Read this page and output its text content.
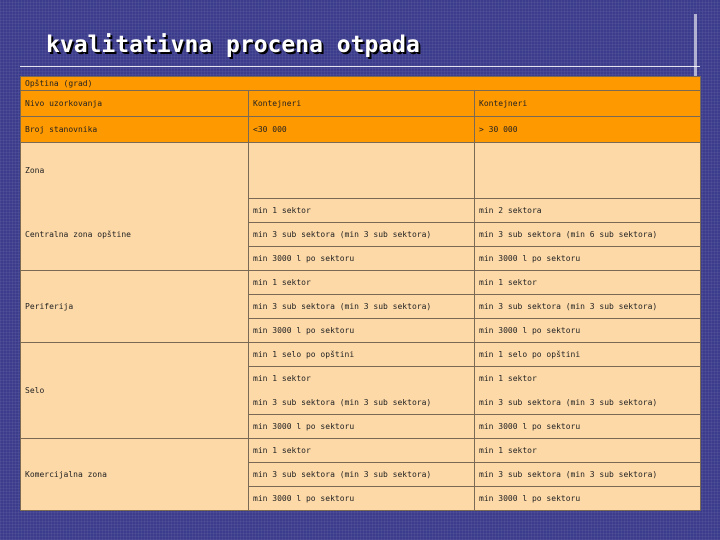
kvalitativna procena otpada
Opština (grad)		
Nivo uzorkovanja	Kontejneri	Kontejneri
Broj stanovnika	<30 000	> 30 000
Zona		
Centralna zona opštine	min 1 sektor	min 2 sektora
	min 3 sub sektora (min 3 sub sektora)	min 3 sub sektora (min 6 sub sektora)
	min 3000 l po sektoru	min 3000 l po sektoru
Periferija	min 1 sektor	min 1 sektor
	min 3 sub sektora (min 3 sub sektora)	min 3 sub sektora (min 3 sub sektora)
	min 3000 l po sektoru	min 3000 l po sektoru
Selo	min 1 selo po opštini	min 1 selo po opštini
	min 1 sektor	min 1 sektor
	min 3 sub sektora (min 3 sub sektora)	min 3 sub sektora (min 3 sub sektora)
	min 3000 l po sektoru	min 3000 l po sektoru
Komercijalna zona	min 1 sektor	min 1 sektor
	min 3 sub sektora (min 3 sub sektora)	min 3 sub sektora (min 3 sub sektora)
	min 3000 l po sektoru	min 3000 l po sektoru
